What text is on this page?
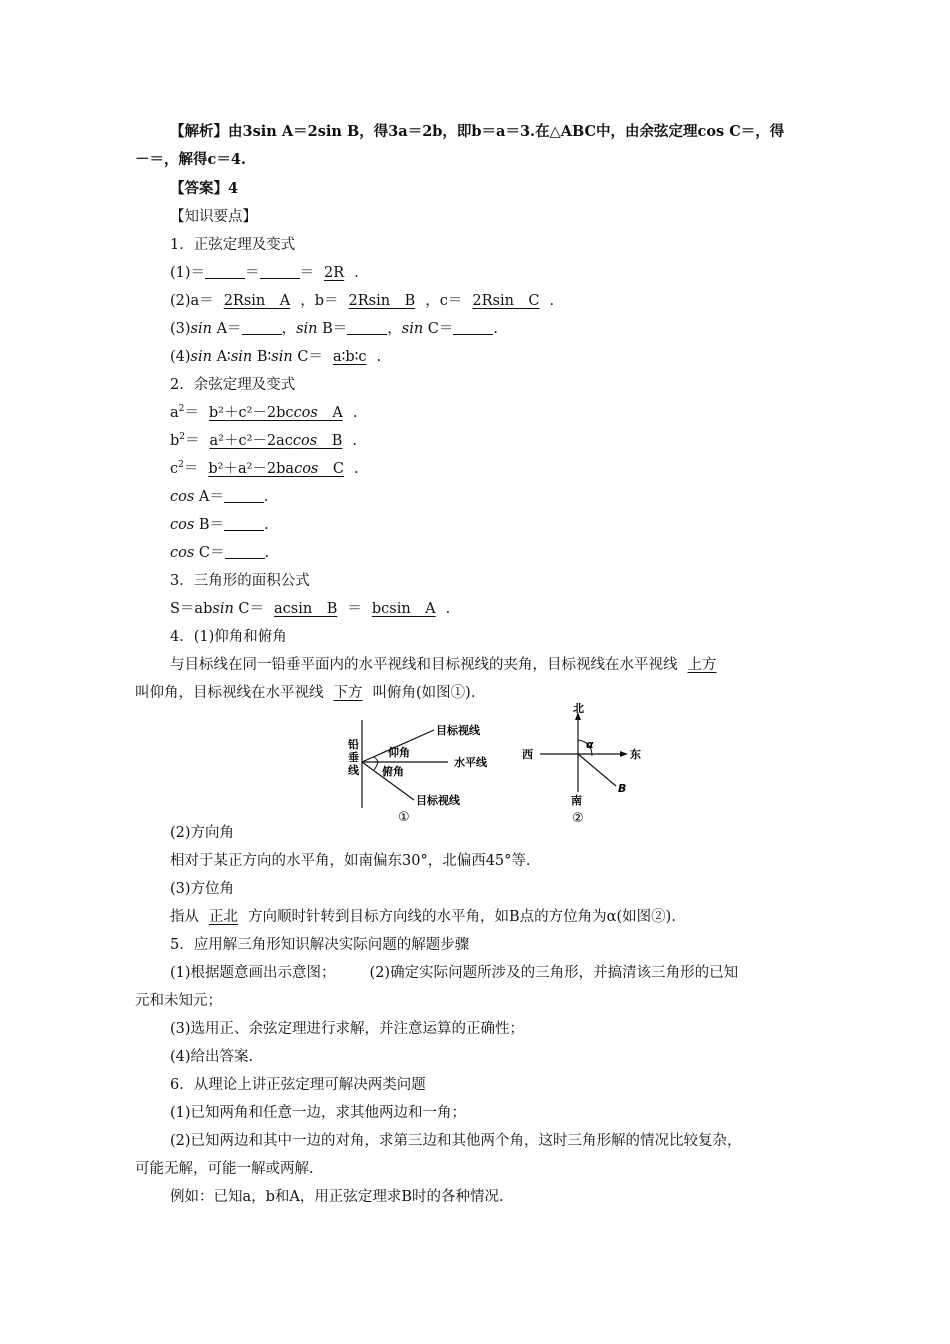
【解析】由3sin A＝2sin B，得3a＝2b，即b＝a＝3.在△ABC中，由余弦定理cos C＝，得
－＝，解得c＝4.
【答案】4
【知识要点】
1．正弦定理及变式
(1)＝	＝	＝ 2R .
(2)a＝ 2Rsin　A ，b＝ 2Rsin　B ，c＝ 2Rsin　C .
(3)sin A＝	，sin B＝	，sin C＝	.
(4)sin A∶sin B∶sin C＝ a∶b∶c .
2．余弦定理及变式
$a^2= b^2+c^2-2bccos$　A .
$b^2= a^2+c^2-2accos$　B .
$c^2= b^2+a^2-2bacos$　C .
cos A＝	.
cos B＝	.
cos C＝	.
3．三角形的面积公式
S＝absin C＝ acsin　B ＝ bcsin　A .
4．(1)仰角和俯角
与目标线在同一铅垂平面内的水平视线和目标视线的夹角，目标视线在水平视线 上方
叫仰角，目标视线在水平视线 下方 叫俯角(如图①).
铅
垂
线
目标视线
仰角
水平线
俯角
目标视线
①
北
西	东
南
α
B
②
(2)方向角
相对于某正方向的水平角，如南偏东30°，北偏西45°等.
(3)方位角
指从 正北 方向顺时针转到目标方向线的水平角，如B点的方位角为α(如图②).
5．应用解三角形知识解决实际问题的解题步骤
(1)根据题意画出示意图； (2)确定实际问题所涉及的三角形，并搞清该三角形的已知
元和未知元；
(3)选用正、余弦定理进行求解，并注意运算的正确性；
(4)给出答案.
6．从理论上讲正弦定理可解决两类问题
(1)已知两角和任意一边，求其他两边和一角；
(2)已知两边和其中一边的对角，求第三边和其他两个角，这时三角形解的情况比较复杂，
可能无解，可能一解或两解.
例如：已知a，b和A，用正弦定理求B时的各种情况.
